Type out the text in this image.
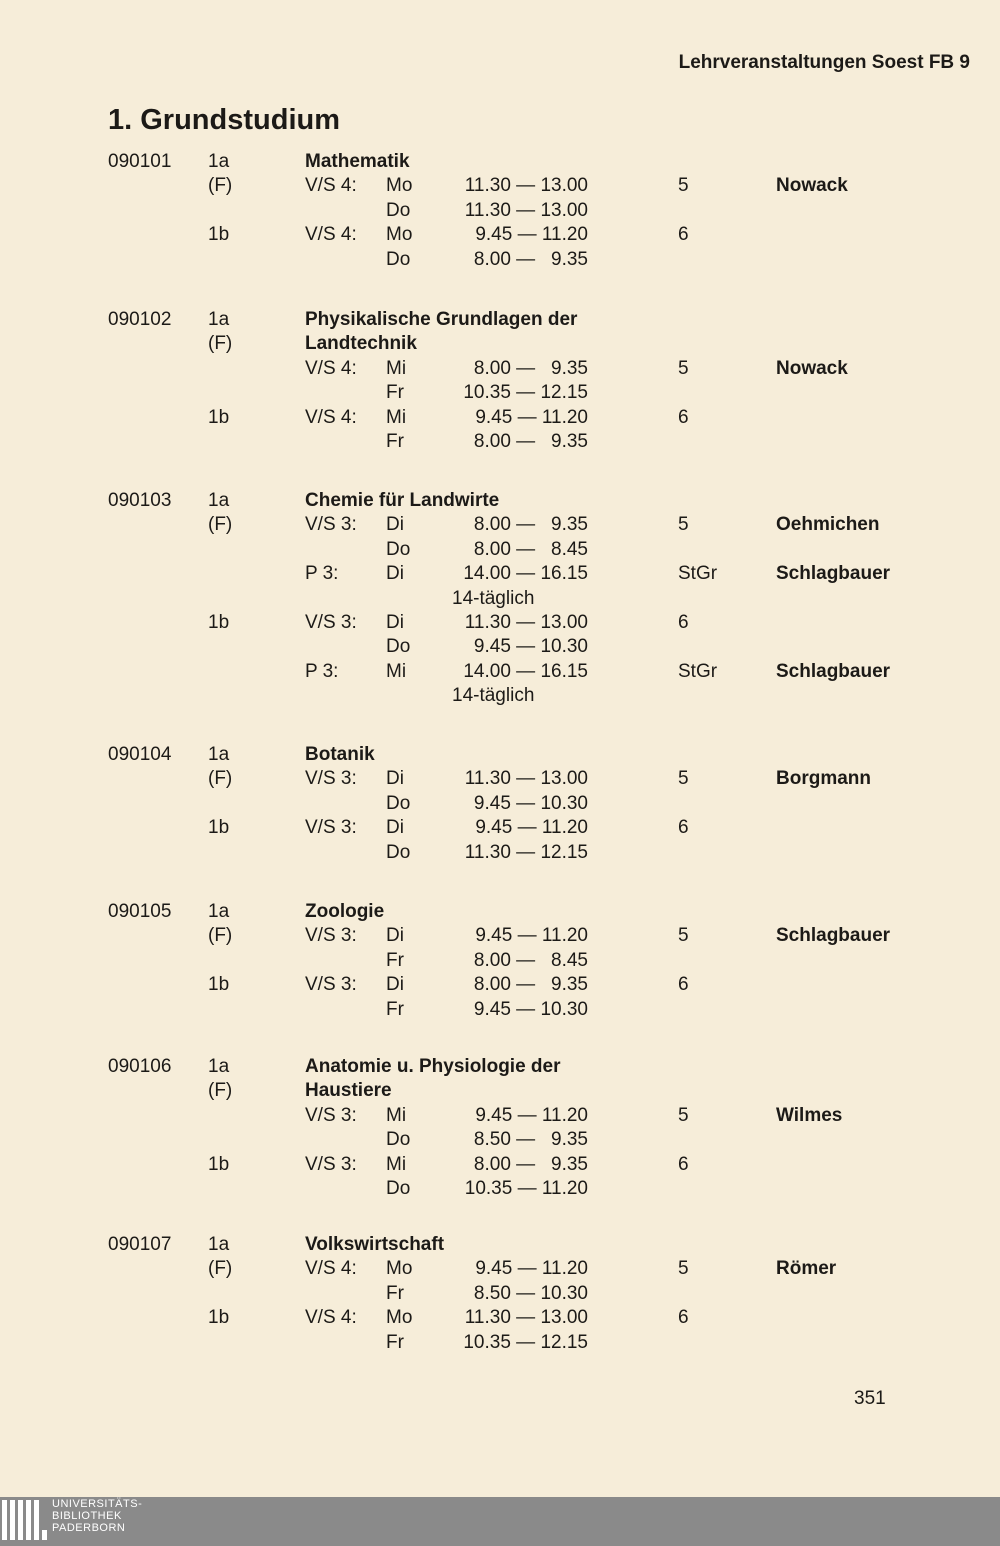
Lehrveranstaltungen Soest FB 9
1. Grundstudium
090101 1a	Mathematik
(F)	V/S 4: Mo	11.30 — 13.00	5	Nowack
Do	11.30 — 13.00
1b	V/S 4: Mo	9.45 — 11.20	6
Do	8.00 —   9.35
090102 1a	Physikalische Grundlagen der
(F)	Landtechnik
V/S 4: Mi	8.00 —   9.35	5	Nowack
Fr	10.35 — 12.15
1b	V/S 4: Mi	9.45 — 11.20	6
Fr	8.00 —   9.35
090103 1a	Chemie für Landwirte
(F)	V/S 3: Di	8.00 —   9.35	5	Oehmichen
Do	8.00 —   8.45
P 3:	Di	14.00 — 16.15	StGr	Schlagbauer
14-täglich
1b	V/S 3: Di	11.30 — 13.00	6
Do	9.45 — 10.30
P 3:	Mi	14.00 — 16.15	StGr	Schlagbauer
14-täglich
090104 1a	Botanik
(F)	V/S 3: Di	11.30 — 13.00	5	Borgmann
Do	9.45 — 10.30
1b	V/S 3: Di	9.45 — 11.20	6
Do	11.30 — 12.15
090105 1a	Zoologie
(F)	V/S 3: Di	9.45 — 11.20	5	Schlagbauer
Fr	8.00 —   8.45
1b	V/S 3: Di	8.00 —   9.35	6
Fr	9.45 — 10.30
090106 1a	Anatomie u. Physiologie der
(F)	Haustiere
V/S 3: Mi	9.45 — 11.20	5	Wilmes
Do	8.50 —   9.35
1b	V/S 3: Mi	8.00 —   9.35	6
Do	10.35 — 11.20
090107 1a	Volkswirtschaft
(F)	V/S 4: Mo	9.45 — 11.20	5	Römer
Fr	8.50 — 10.30
1b	V/S 4: Mo	11.30 — 13.00	6
Fr	10.35 — 12.15
351
UNIVERSITÄTS-
BIBLIOTHEK
PADERBORN
